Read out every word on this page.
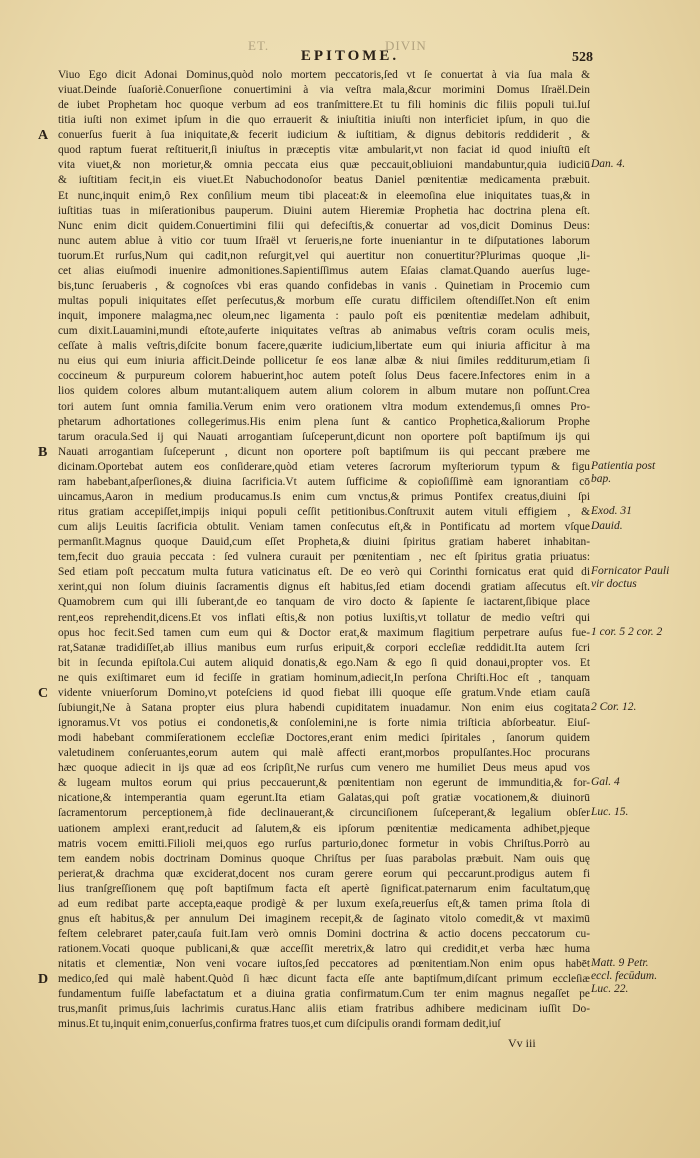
ET.
EPITOME.
DIVIN
528
A
B
C
D
Viuo Ego dicit Adonai Dominus,quòd nolo mortem peccatoris,ſed vt ſe conuertat à via ſua mala &
viuat.Deinde ſuaſoriè.Conuerſione conuertimini à via veſtra mala,&cur morimini Domus Iſraël.Dein
de iubet Prophetam hoc quoque verbum ad eos tranſmittere.Et tu fili hominis dic filiis populi tui.Iuſ
titia iuſti non eximet ipſum in die quo errauerit & iniuſtitia iniuſti non interficiet ipſum, in quo die
conuerſus fuerit à ſua iniquitate,& fecerit iudicium & iuſtitiam, & dignus debitoris reddiderit , &
quod raptum fuerat reſtituerit,ſi iniuſtus in præceptis vitæ ambularit,vt non faciat id quod iniuſtū eſt
vita viuet,& non morietur,& omnia peccata eius quæ peccauit,obliuioni mandabuntur,quia iudiciū
& iuſtitiam fecit,in eis viuet.Et Nabuchodonoſor beatus Daniel pœnitentiæ medicamenta præbuit.
Et nunc,inquit enim,ô Rex conſilium meum tibi placeat:& in eleemoſina elue iniquitates tuas,& in
iuſtitias tuas in miſerationibus pauperum. Diuini autem Hieremiæ Prophetia hac doctrina plena eſt.
Nunc enim dicit quidem.Conuertimini filii qui defeciſtis,& conuertar ad vos,dicit Dominus Deus:
nunc autem ablue à vitio cor tuum Iſraël vt ſerueris,ne forte inueniantur in te diſputationes laborum
tuorum.Et rurſus,Num qui cadit,non reſurgit,vel qui auertitur non conuertitur?Plurimas quoque ,li-
cet alias eiuſmodi inuenire admonitiones.Sapientiſſimus autem Eſaias clamat.Quando auerſus luge-
bis,tunc ſeruaberis , & cognoſces vbi eras quando confidebas in vanis . Quinetiam in Procemio cum
multas populi iniquitates eſſet perſecutus,& morbum eſſe curatu difficilem oſtendiſſet.Non eſt enim
inquit, imponere malagma,nec oleum,nec ligamenta : paulo poſt eis pœnitentiæ medelam adhibuit,
cum dixit.Lauamini,mundi eſtote,auferte iniquitates veſtras ab animabus veſtris coram oculis meis,
ceſſate à malis veſtris,diſcite bonum facere,quærite iudicium,libertate eum qui iniuria afficitur à ma
nu eius qui eum iniuria afficit.Deinde pollicetur ſe eos lanæ albæ & niui ſimiles redditurum,etiam ſi
coccineum & purpureum colorem habuerint,hoc autem poteſt ſolus Deus facere.Infectores enim in a
lios quidem colores album mutant:aliquem autem alium colorem in album mutare non poſſunt.Crea
tori autem ſunt omnia familia.Verum enim vero orationem vltra modum extendemus,ſi omnes Pro-
phetarum adhortationes collegerimus.His enim plena ſunt & cantico Prophetica,&aliorum Prophe
tarum oracula.Sed ij qui Nauati arrogantiam ſuſceperunt,dicunt non oportere poſt baptiſmum ijs qui
Nauati arrogantiam ſuſceperunt , dicunt non oportere poſt baptiſmum iis qui peccant præbere me
dicinam.Oportebat autem eos conſiderare,quòd etiam veteres ſacrorum myſteriorum typum & figu
ram habebant,aſperſiones,& diuina ſacrificia.Vt autem ſufficime & copioſiſſimè eam ignorantiam cō
uincamus,Aaron in medium producamus.Is enim cum vnctus,& primus Pontifex creatus,diuini ſpi
ritus gratiam accepiſſet,impijs iniqui populi ceſſit petitionibus.Conſtruxit autem vituli effigiem , &
cum alijs Leuitis ſacrificia obtulit. Veniam tamen conſecutus eſt,& in Pontificatu ad mortem vſque
permanſit.Magnus quoque Dauid,cum eſſet Propheta,& diuini ſpiritus gratiam haberet inhabitan-
tem,fecit duo grauia peccata : ſed vulnera curauit per pœnitentiam , nec eſt ſpiritus gratia priuatus:
Sed etiam poſt peccatum multa futura vaticinatus eſt. De eo verò qui Corinthi fornicatus erat quid di
xerint,qui non ſolum diuinis ſacramentis dignus eſt habitus,ſed etiam docendi gratiam aſſecutus eſt.
Quamobrem cum qui illi ſuberant,de eo tanquam de viro docto & ſapiente ſe iactarent,ſibique place
rent,eos reprehendit,dicens.Et vos inflati eſtis,& non potius luxiſtis,vt tollatur de medio veſtri qui
opus hoc fecit.Sed tamen cum eum qui & Doctor erat,& maximum flagitium perpetrare auſus fue-
rat,Satanæ tradidiſſet,ab illius manibus eum rurſus eripuit,& corpori eccleſiæ reddidit.Ita autem ſcri
bit in ſecunda epiſtola.Cui autem aliquid donatis,& ego.Nam & ego ſi quid donaui,propter vos. Et
ne quis exiſtimaret eum id feciſſe in gratiam hominum,adiecit,In perſona Chriſti.Hoc eſt , tanquam
vidente vniuerſorum Domino,vt poteſciens id quod fiebat illi quoque eſſe gratum.Vnde etiam cauſā
ſubiungit,Ne à Satana propter eius plura habendi cupiditatem inuadamur. Non enim eius cogitata
ignoramus.Vt vos potius ei condonetis,& conſolemini,ne is forte nimia triſticia abſorbeatur. Eiuſ-
modi habebant commiſerationem eccleſiæ Doctores,erant enim medici ſpiritales , ſanorum quidem
valetudinem conſeruantes,eorum autem qui malè affecti erant,morbos propulſantes.Hoc procurans
hæc quoque adiecit in ijs quæ ad eos ſcripſit,Ne rurſus cum venero me humiliet Deus meus apud vos
& lugeam multos eorum qui prius peccauerunt,& pœnitentiam non egerunt de immunditia,& for-
nicatione,& intemperantia quam egerunt.Ita etiam Galatas,qui poſt gratiæ vocationem,& diuinorū
ſacramentorum perceptionem,à fide declinauerant,& circunciſionem ſuſceperant,& legalium obſer
uationem amplexi erant,reducit ad ſalutem,& eis ipſorum pœnitentiæ medicamenta adhibet,pjeque
matris vocem emitti.Filioli mei,quos ego rurſus parturio,donec formetur in vobis Chriſtus.Porrò au
tem eandem nobis doctrinam Dominus quoque Chriſtus per ſuas parabolas præbuit. Nam ouis quę
perierat,& drachma quæ exciderat,docent nos curam gerere eorum qui peccarunt.prodigus autem fi
lius tranſgreſſionem quę poſt baptiſmum facta eſt apertè ſignificat.paternarum enim facultatum,quę
ad eum redibat parte accepta,eaque prodigè & per luxum exeſa,reuerſus eſt,& tamen prima ſtola di
gnus eſt habitus,& per annulum Dei imaginem recepit,& de ſaginato vitolo comedit,& vt maximū
feſtem celebraret pater,cauſa fuit.Iam verò omnis Domini doctrina & actio docens peccatorum cu-
rationem.Vocati quoque publicani,& quæ acceſſit meretrix,& latro qui credidit,et verba hæc huma
nitatis et clementiæ, Non veni vocare iuſtos,ſed peccatores ad pœnitentiam.Non enim opus habēt
medico,ſed qui malè habent.Quòd ſi hæc dicunt facta eſſe ante baptiſmum,diſcant primum eccleſiæ
fundamentum fuiſſe labefactatum et a diuina gratia confirmatum.Cum ter enim magnus negaſſet pe
trus,manſit primus,ſuis lachrimis curatus.Hanc aliis etiam fratribus adhibere medicinam iuſſit Do-
minus.Et tu,inquit enim,conuerſus,confirma fratres tuos,et cum diſcipulis orandi formam dedit,iuſ
Dan. 4.
Patientia post bap.
Exod. 31
Dauid.
Fornicator Pauli vir doctus
1 cor. 5 2 cor. 2
2 Cor. 12.
Gal. 4
Luc. 15.
Matt. 9 Petr. eccl. fecūdum. Luc. 22.
Vv iii
